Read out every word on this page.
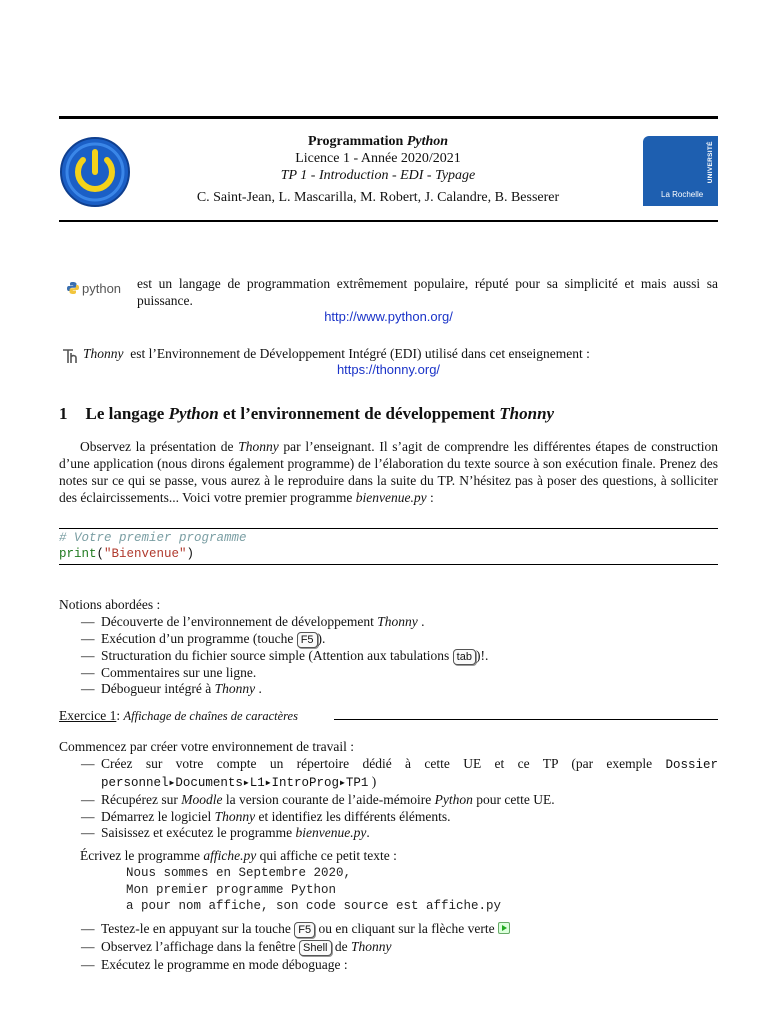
Programmation Python
Licence 1 - Année 2020/2021
TP 1 - Introduction - EDI - Typage
C. Saint-Jean, L. Mascarilla, M. Robert, J. Calandre, B. Besserer
UNIVERSITÉ
La Rochelle
python est un langage de programmation extrêmement populaire, réputé pour sa simplicité et mais aussi sa puissance.
http://www.python.org/
Thonny est l’Environnement de Développement Intégré (EDI) utilisé dans cet enseignement :
https://thonny.org/
1 Le langage Python et l’environnement de développement Thonny
Observez la présentation de Thonny par l’enseignant. Il s’agit de comprendre les différentes étapes de construction d’une application (nous dirons également programme) de l’élaboration du texte source à son exécution finale. Prenez des notes sur ce qui se passe, vous aurez à le reproduire dans la suite du TP. N’hésitez pas à poser des questions, à solliciter des éclaircissements... Voici votre premier programme bienvenue.py :
# Votre premier programme
print("Bienvenue")
Notions abordées :
— Découverte de l’environnement de développement Thonny .
— Exécution d’un programme (touche F5 ).
— Structuration du fichier source simple (Attention aux tabulations tab )!.
— Commentaires sur une ligne.
— Débogueur intégré à Thonny .
Exercice 1: Affichage de chaînes de caractères
Commencez par créer votre environnement de travail :
— Créez sur votre compte un répertoire dédié à cette UE et ce TP (par exemple Dossier personnel▶Documents▶L1▶IntroProg▶TP1 )
— Récupérez sur Moodle la version courante de l’aide-mémoire Python pour cette UE.
— Démarrez le logiciel Thonny et identifiez les différents éléments.
— Saisissez et exécutez le programme bienvenue.py.
Écrivez le programme affiche.py qui affiche ce petit texte :
Nous sommes en Septembre 2020,
Mon premier programme Python
a pour nom affiche, son code source est affiche.py
— Testez-le en appuyant sur la touche F5 ou en cliquant sur la flèche verte
— Observez l’affichage dans la fenêtre Shell de Thonny
— Exécutez le programme en mode déboguage :
